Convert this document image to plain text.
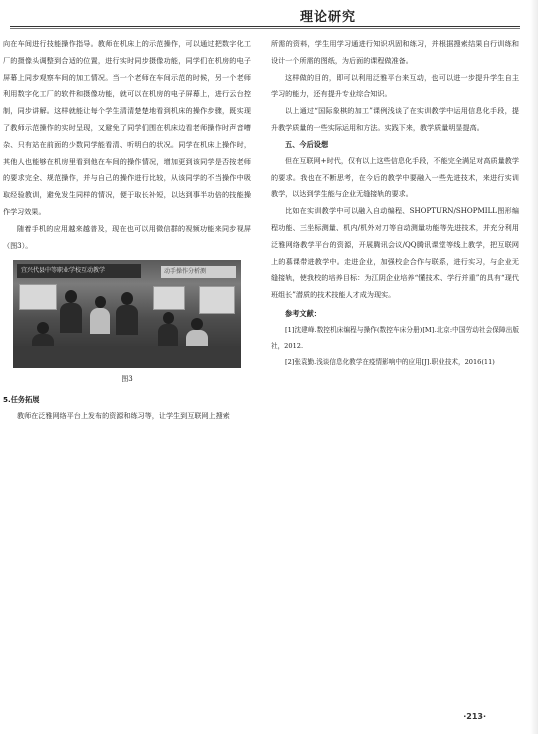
理论研究

向在车间进行技能操作指导。教师在机床上的示范操作，可以通过把数字化工厂的摄像头调整到合适的位置，进行实时同步摄像功能，同学们在机房的电子屏幕上同步观察车间的加工情况。当一个老师在车间示范的时候，另一个老师利用数字化工厂的软件和摄像功能，就可以在机房的电子屏幕上，进行云台控制，同步讲解。这样就能让每个学生清清楚楚地看到机床的操作步骤，既实现了教师示范操作的实时呈现，又避免了同学们围在机床边看老师操作时声音嘈杂、只有站在前面的少数同学能看清、听明白的状况。同学在机床上操作时，其他人也能够在机房里看到他在车间的操作情况，增加更到该同学是否按老师的要求完全、规范操作，并与自己的操作进行比较，从该同学的不当操作中吸取经验教训，避免发生同样的情况，便于取长补短，以达到事半功倍的技能操作学习效果。

随着手机的应用越来越普及，现在也可以用微信群的视频功能来同步视屏（图3）。

宜兴代县中等职业学校互动教学	动手操作分析测
图3

5.任务拓展

教师在泛雅网络平台上发布的资源和练习等，让学生到互联网上搜索

所需的资料，学生用学习通进行知识巩固和练习，并根据搜索结果自行训练和设计一个所需的图纸，为后面的课程做准备。

这样做的目的，即可以利用泛雅平台来互动，也可以进一步提升学生自主学习的能力，还有提升专业综合知识。

以上通过“国际象棋的加工”课例浅谈了在实训教学中运用信息化手段，提升教学质量的一些实际运用和方法。实践下来，教学质量明显提高。

五、今后设想

但在互联网+时代，仅有以上这些信息化手段，不能完全满足对高质量教学的要求。我也在不断思考，在今后的教学中要融入一些先进技术，来进行实训教学，以达到学生能与企业无缝接轨的要求。

比如在实训教学中可以融入自动编程、SHOPTURN/SHOPMILL图形编程功能、三坐标测量、机内/机外对刀等自动测量功能等先进技术，并充分利用泛雅网络教学平台的资源，开展腾讯会议/QQ腾讯课堂等线上教学，把互联网上的慕课带进教学中。走进企业，加强校企合作与联系，进行实习，与企业无缝接轨，使我校的培养目标：为江阴企业培养“懂技术、学行并重”的具有“现代班组长”潜质的技术技能人才成为现实。

参考文献：

[1]沈建峰.数控机床编程与操作(数控车床分册)[M].北京:中国劳动社会保障出版社，2012.

[2]张袁勤.浅谈信息化教学在疫情影响中的应用[J].职业技术，2016(11)

·213·
